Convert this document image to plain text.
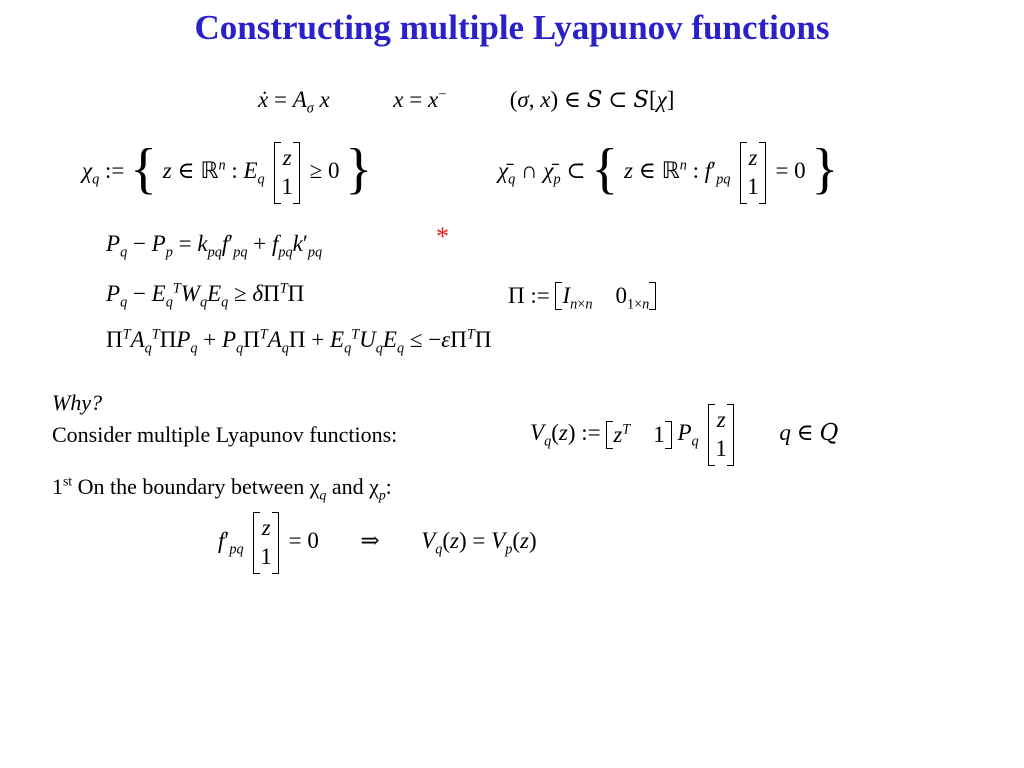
Constructing multiple Lyapunov functions
ẋ = $A_\sigma$ x	x = x−	(σ, x) ∈ S ⊂ S[χ]
$\chi_q$ := { z ∈ ℝ$^n$ : $E_q$
z
1
≥ 0 }	$\chī_q$ ∩ $\chī_p$ ⊂ { z ∈ ℝ$^n$ : $f'_{pq}$
z
1
= 0 }
$P_q - P_p = k_{pq}f'_{pq} + f_{pq}k'_{pq}$
*
$P_q - E_q^TW_qE_q \ge \delta\Pi^T\Pi$	Π := $I_{n\times n}$    $0_{1\times n}$
$\Pi^TA_q^T\Pi P_q + P_q\Pi^TA_q\Pi + E_q^TU_qE_q \le -\varepsilon\Pi^T\Pi$
Why?
Consider multiple Lyapunov functions:	$V_q(z)$ := $z^T$    1 $P_q$
z
1
q ∈ Q
1st On the boundary between $\chi_q$ and $\chi_p$:
$f'_{pq}$
z
1
= 0  ⇒  $V_q(z) = V_p(z)$
